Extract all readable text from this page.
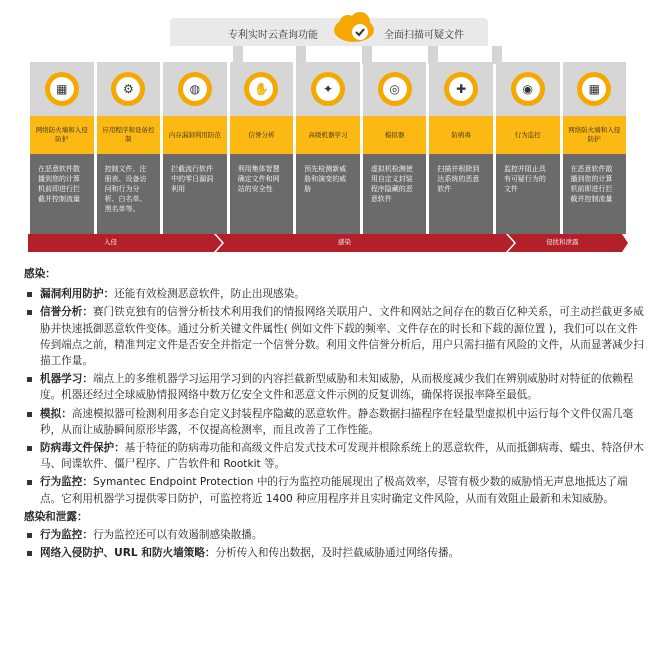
专利实时云查询功能	全面扫描可疑文件
▦
网络防火墙和入侵防护
在恶意软件散播到您的计算机前即进行拦截并控制流量
⚙
应用程序和设备控制
控制文件、注册表、设备访问和行为分析、白名单、黑名单等。
◍
内存漏洞利用防范
拦截流行软件中的零日漏洞利用
✋
信誉分析
利用集体智慧确定文件和网站的安全性
✦
高级机器学习
预先检测新威胁和演变的威胁
◎
模拟器
虚拟机检测使用自定义封装程序隐藏的恶意软件
✚
防病毒
扫描并根除到达系统的恶意软件
◉
行为监控
监控并阻止具有可疑行为的文件
▦
网络防火墙和入侵防护
在恶意软件散播到您的计算机前即进行拦截并控制流量
入侵	感染	侵扰和泄露
感染：
漏洞利用防护：还能有效检测恶意软件，防止出现感染。
信誉分析：赛门铁克独有的信誉分析技术利用我们的情报网络关联用户、文件和网站之间存在的数百亿种关系，可主动拦截更多威胁并快速抵御恶意软件变体。通过分析关键文件属性( 例如文件下载的频率、文件存在的时长和下载的源位置 )，我们可以在文件传到端点之前，精准判定文件是否安全并指定一个信誉分数。利用文件信誉分析后，用户只需扫描有风险的文件，从而显著减少扫描工作量。
机器学习：端点上的多维机器学习运用学习到的内容拦截新型威胁和未知威胁，从而极度减少我们在辨别威胁时对特征的依赖程度。机器还经过全球威胁情报网络中数万亿安全文件和恶意文件示例的反复训练，确保将误报率降至最低。
模拟：高速模拟器可检测利用多态自定义封装程序隐藏的恶意软件。静态数据扫描程序在轻量型虚拟机中运行每个文件仅需几毫秒，从而让威胁瞬间原形毕露，不仅提高检测率，而且改善了工作性能。
防病毒文件保护：基于特征的防病毒功能和高级文件启发式技术可发现并根除系统上的恶意软件，从而抵御病毒、蠕虫、特洛伊木马、间谍软件、僵尸程序、广告软件和 Rootkit 等。
行为监控：Symantec Endpoint Protection 中的行为监控功能展现出了极高效率，尽管有极少数的威胁悄无声息地抵达了端点。它利用机器学习提供零日防护，可监控将近 1400 种应用程序并且实时确定文件风险，从而有效阻止最新和未知威胁。
感染和泄露：
行为监控：行为监控还可以有效遏制感染散播。
网络入侵防护、URL 和防火墙策略：分析传入和传出数据，及时拦截威胁通过网络传播。
